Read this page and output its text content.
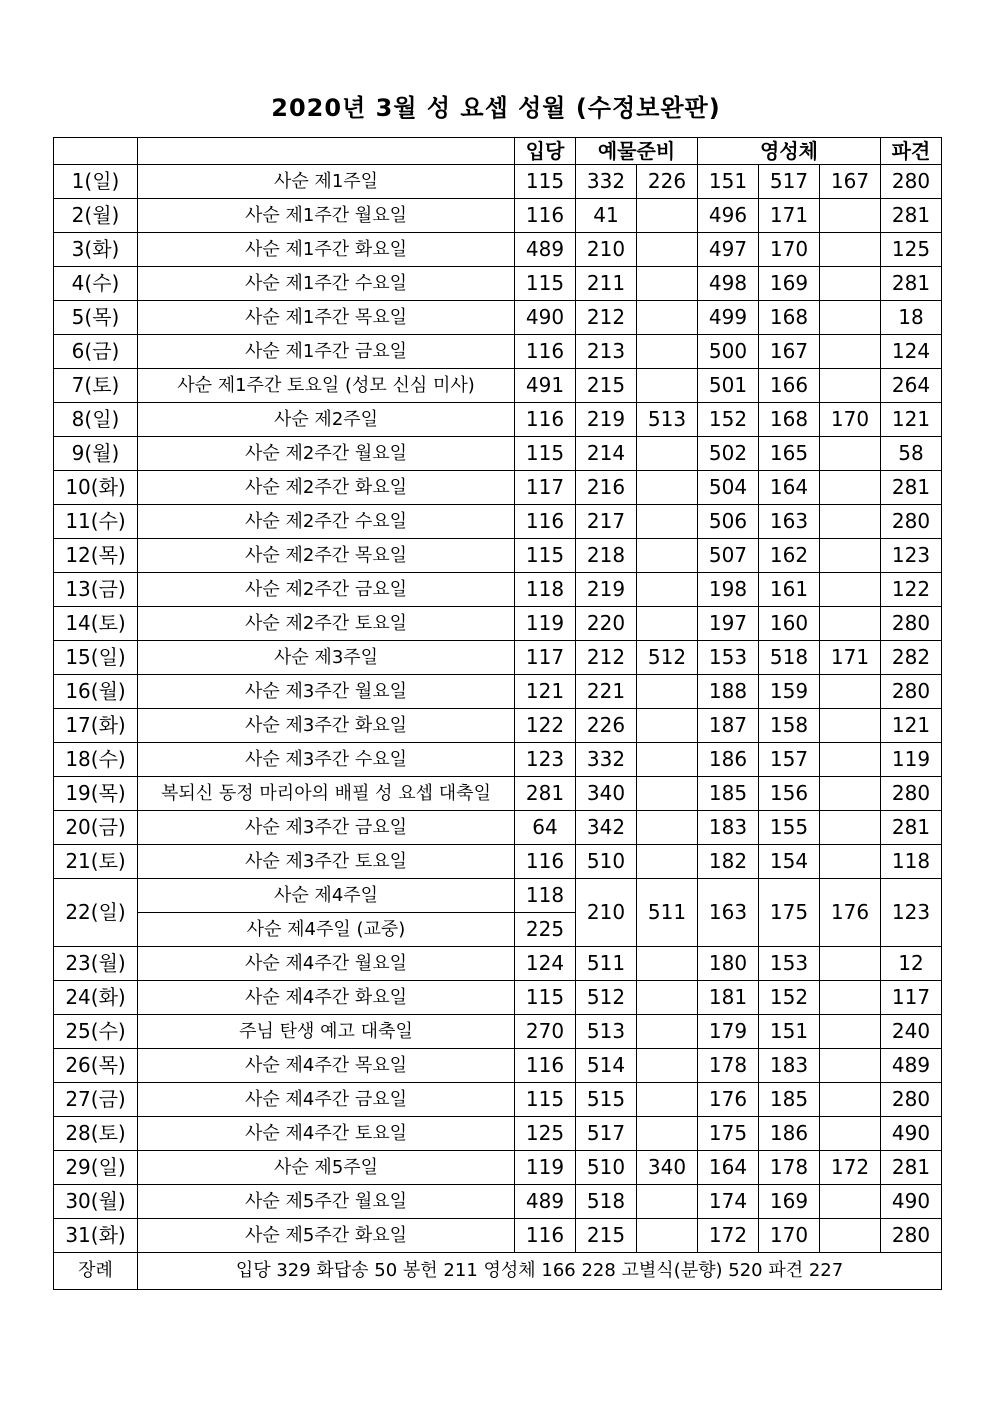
2020년 3월 성 요셉 성월 (수정보완판)
		입당	예물준비		영성체			파견
1(일)	사순 제1주일	115	332	226	151	517	167	280
2(월)	사순 제1주간 월요일	116	41		496	171		281
3(화)	사순 제1주간 화요일	489	210		497	170		125
4(수)	사순 제1주간 수요일	115	211		498	169		281
5(목)	사순 제1주간 목요일	490	212		499	168		18
6(금)	사순 제1주간 금요일	116	213		500	167		124
7(토)	사순 제1주간 토요일 (성모 신심 미사)	491	215		501	166		264
8(일)	사순 제2주일	116	219	513	152	168	170	121
9(월)	사순 제2주간 월요일	115	214		502	165		58
10(화)	사순 제2주간 화요일	117	216		504	164		281
11(수)	사순 제2주간 수요일	116	217		506	163		280
12(목)	사순 제2주간 목요일	115	218		507	162		123
13(금)	사순 제2주간 금요일	118	219		198	161		122
14(토)	사순 제2주간 토요일	119	220		197	160		280
15(일)	사순 제3주일	117	212	512	153	518	171	282
16(월)	사순 제3주간 월요일	121	221		188	159		280
17(화)	사순 제3주간 화요일	122	226		187	158		121
18(수)	사순 제3주간 수요일	123	332		186	157		119
19(목)	복되신 동정 마리아의 배필 성 요셉 대축일	281	340		185	156		280
20(금)	사순 제3주간 금요일	64	342		183	155		281
21(토)	사순 제3주간 토요일	116	510		182	154		118
22(일)	사순 제4주일	118	210	511	163	175	176	123
	사순 제4주일 (교중)	225						
23(월)	사순 제4주간 월요일	124	511		180	153		12
24(화)	사순 제4주간 화요일	115	512		181	152		117
25(수)	주님 탄생 예고 대축일	270	513		179	151		240
26(목)	사순 제4주간 목요일	116	514		178	183		489
27(금)	사순 제4주간 금요일	115	515		176	185		280
28(토)	사순 제4주간 토요일	125	517		175	186		490
29(일)	사순 제5주일	119	510	340	164	178	172	281
30(월)	사순 제5주간 월요일	489	518		174	169		490
31(화)	사순 제5주간 화요일	116	215		172	170		280
장례	입당 329 화답송 50 봉헌 211 영성체 166 228 고별식(분향) 520 파견 227							
